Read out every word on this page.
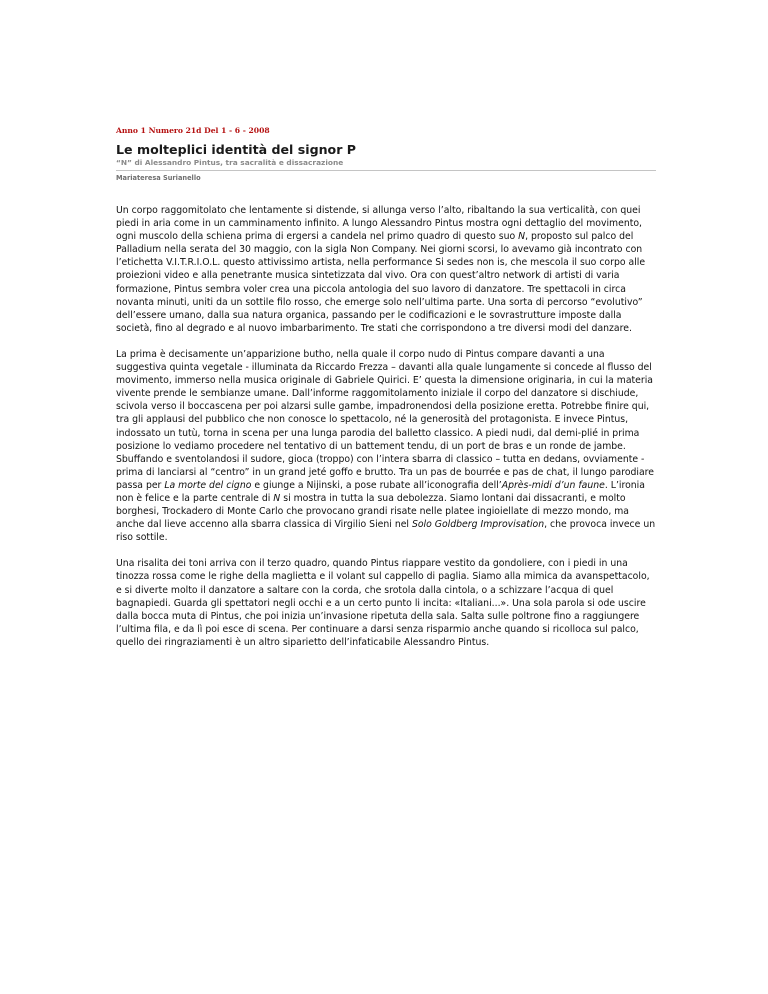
Anno 1 Numero 21d Del 1 - 6 - 2008

Le molteplici identità del signor P

“N” di Alessandro Pintus, tra sacralità e dissacrazione

Mariateresa Surianello

Un corpo raggomitolato che lentamente si distende, si allunga verso l’alto, ribaltando la sua verticalità, con quei piedi in aria come in un camminamento infinito. A lungo Alessandro Pintus mostra ogni dettaglio del movimento, ogni muscolo della schiena prima di ergersi a candela nel primo quadro di questo suo N, proposto sul palco del Palladium nella serata del 30 maggio, con la sigla Non Company. Nei giorni scorsi, lo avevamo già incontrato con l’etichetta V.I.T.R.I.O.L. questo attivissimo artista, nella performance Si sedes non is, che mescola il suo corpo alle proiezioni video e alla penetrante musica sintetizzata dal vivo. Ora con quest’altro network di artisti di varia formazione, Pintus sembra voler crea una piccola antologia del suo lavoro di danzatore. Tre spettacoli in circa novanta minuti, uniti da un sottile filo rosso, che emerge solo nell’ultima parte. Una sorta di percorso “evolutivo” dell’essere umano, dalla sua natura organica, passando per le codificazioni e le sovrastrutture imposte dalla società, fino al degrado e al nuovo imbarbarimento. Tre stati che corrispondono a tre diversi modi del danzare.

La prima è decisamente un’apparizione butho, nella quale il corpo nudo di Pintus compare davanti a una suggestiva quinta vegetale - illuminata da Riccardo Frezza – davanti alla quale lungamente si concede al flusso del movimento, immerso nella musica originale di Gabriele Quirici. E’ questa la dimensione originaria, in cui la materia vivente prende le sembianze umane. Dall’informe raggomitolamento iniziale il corpo del danzatore si dischiude, scivola verso il boccascena per poi alzarsi sulle gambe, impadronendosi della posizione eretta. Potrebbe finire qui, tra gli applausi del pubblico che non conosce lo spettacolo, né la generosità del protagonista. E invece Pintus, indossato un tutù, torna in scena per una lunga parodia del balletto classico. A piedi nudi, dal demi-plié in prima posizione lo vediamo procedere nel tentativo di un battement tendu, di un port de bras e un ronde de jambe. Sbuffando e sventolandosi il sudore, gioca (troppo) con l’intera sbarra di classico – tutta en dedans, ovviamente - prima di lanciarsi al “centro” in un grand jeté goffo e brutto. Tra un pas de bourrée e pas de chat, il lungo parodiare passa per La morte del cigno e giunge a Nijinski, a pose rubate all’iconografia dell’Après-midi d’un faune. L’ironia non è felice e la parte centrale di N si mostra in tutta la sua debolezza. Siamo lontani dai dissacranti, e molto borghesi, Trockadero di Monte Carlo che provocano grandi risate nelle platee ingioiellate di mezzo mondo, ma anche dal lieve accenno alla sbarra classica di Virgilio Sieni nel Solo Goldberg Improvisation, che provoca invece un riso sottile.

Una risalita dei toni arriva con il terzo quadro, quando Pintus riappare vestito da gondoliere, con i piedi in una tinozza rossa come le righe della maglietta e il volant sul cappello di paglia. Siamo alla mimica da avanspettacolo, e si diverte molto il danzatore a saltare con la corda, che srotola dalla cintola, o a schizzare l’acqua di quel bagnapiedi. Guarda gli spettatori negli occhi e a un certo punto li incita: «Italiani...». Una sola parola si ode uscire dalla bocca muta di Pintus, che poi inizia un’invasione ripetuta della sala. Salta sulle poltrone fino a raggiungere l’ultima fila, e da lì poi esce di scena. Per continuare a darsi senza risparmio anche quando si ricolloca sul palco, quello dei ringraziamenti è un altro siparietto dell’infaticabile Alessandro Pintus.
